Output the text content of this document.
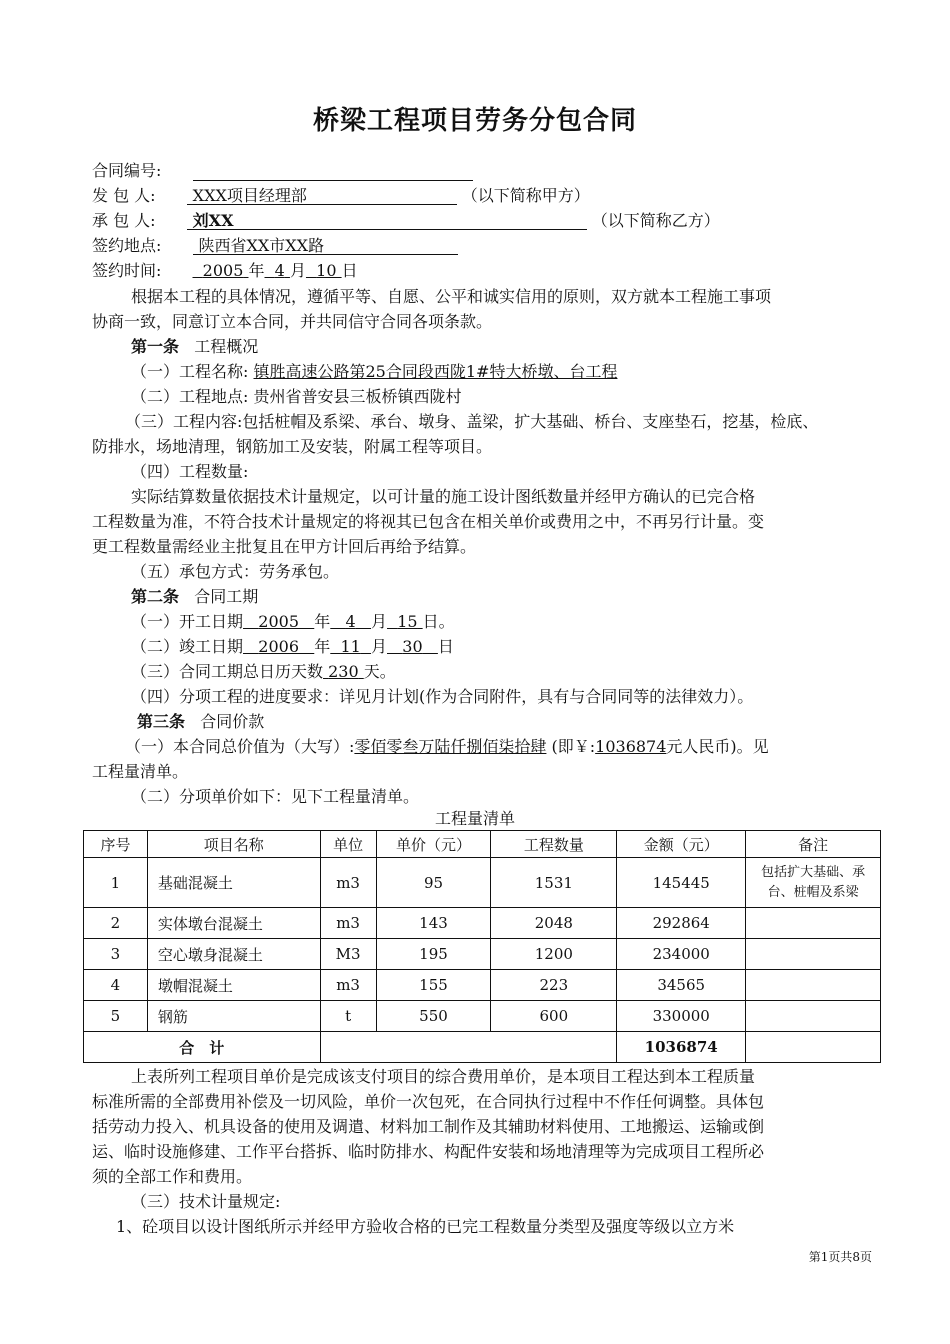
桥梁工程项目劳务分包合同
合同编号:
发 包 人: XXX项目经理部	（以下简称甲方）
承 包 人: 刘XX	（以下简称乙方）
签约地点: 陕西省XX市XX路
签约时间:	2005 年 4 月 10 日
根据本工程的具体情况，遵循平等、自愿、公平和诚实信用的原则，双方就本工程施工事项
协商一致，同意订立本合同，并共同信守合同各项条款。
第一条 工程概况
（一）工程名称: 镇胜高速公路第25合同段西陇1#特大桥墩、台工程
（二）工程地点: 贵州省普安县三板桥镇西陇村
（三）工程内容:包括桩帽及系梁、承台、墩身、盖梁，扩大基础、桥台、支座垫石，挖基，检底、
防排水，场地清理，钢筋加工及安装，附属工程等项目。
（四）工程数量:
实际结算数量依据技术计量规定，以可计量的施工设计图纸数量并经甲方确认的已完合格
工程数量为准，不符合技术计量规定的将视其已包含在相关单价或费用之中，不再另行计量。变
更工程数量需经业主批复且在甲方计回后再给予结算。
（五）承包方式：劳务承包。
第二条 合同工期
（一）开工日期 2005 年 4 月 15 日。
（二）竣工日期 2006 年 11 月 30 日
（三）合同工期总日历天数 230 天。
（四）分项工程的进度要求：详见月计划(作为合同附件，具有与合同同等的法律效力）。
第三条 合同价款
（一）本合同总价值为（大写）:零佰零叁万陆仟捌佰柒拾肆 (即￥:1036874元人民币)。见
工程量清单。
（二）分项单价如下：见下工程量清单。
工程量清单
序号	项目名称	单位	单价（元）	工程数量	金额（元）	备注
1	基础混凝土	m3	95	1531	145445	包括扩大基础、承
台、桩帽及系梁
2	实体墩台混凝土	m3	143	2048	292864	
3	空心墩身混凝土	M3	195	1200	234000	
4	墩帽混凝土	m3	155	223	34565	
5	钢筋	t	550	600	330000	
合　计					1036874	
上表所列工程项目单价是完成该支付项目的综合费用单价，是本项目工程达到本工程质量
标准所需的全部费用补偿及一切风险，单价一次包死，在合同执行过程中不作任何调整。具体包
括劳动力投入、机具设备的使用及调遣、材料加工制作及其辅助材料使用、工地搬运、运输或倒
运、临时设施修建、工作平台搭拆、临时防排水、构配件安装和场地清理等为完成项目工程所必
须的全部工作和费用。
（三）技术计量规定:
1、砼项目以设计图纸所示并经甲方验收合格的已完工程数量分类型及强度等级以立方米
第1页共8页
